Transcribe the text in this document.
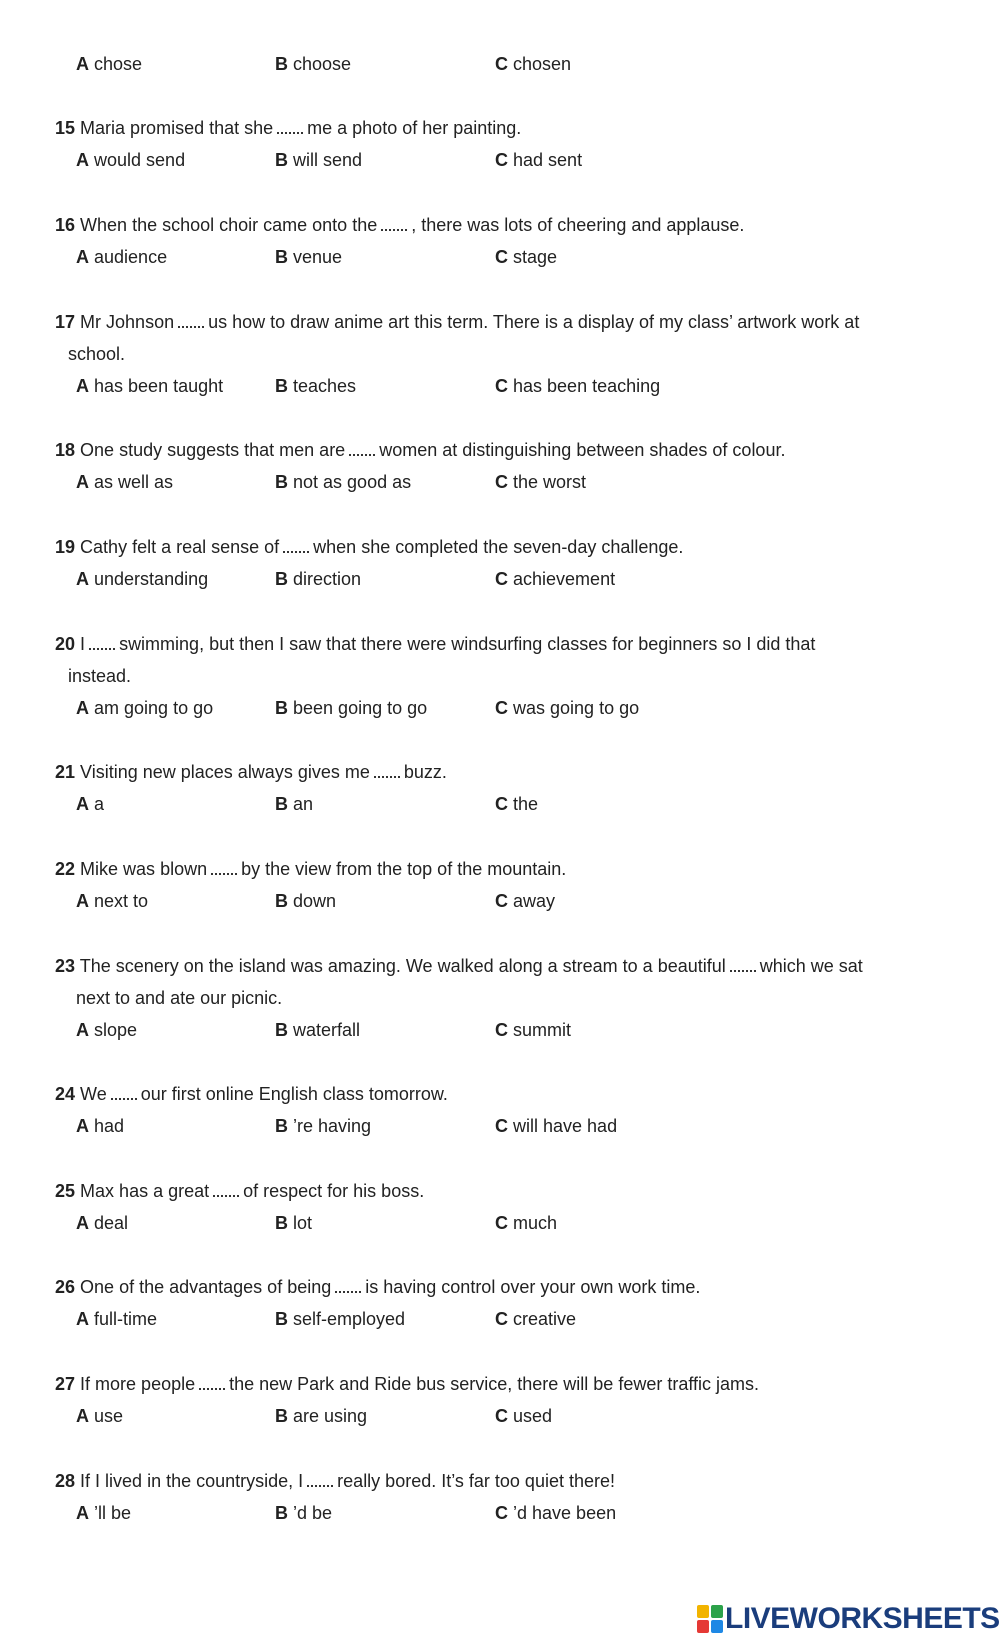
A chose	B choose	C chosen
15 Maria promised that she me a photo of her painting.
A would send	B will send	C had sent
16 When the school choir came onto the , there was lots of cheering and applause.
A audience	B venue	C stage
17 Mr Johnson us how to draw anime art this term. There is a display of my class’ artwork work at
school.
A has been taught	B teaches	C has been teaching
18 One study suggests that men are women at distinguishing between shades of colour.
A as well as	B not as good as	C the worst
19 Cathy felt a real sense of when she completed the seven-day challenge.
A understanding	B direction	C achievement
20 I swimming, but then I saw that there were windsurfing classes for beginners so I did that
instead.
A am going to go	B been going to go	C was going to go
21 Visiting new places always gives me buzz.
A a	B an	C the
22 Mike was blown by the view from the top of the mountain.
A next to	B down	C away
23 The scenery on the island was amazing. We walked along a stream to a beautiful which we sat
next to and ate our picnic.
A slope	B waterfall	C summit
24 We our first online English class tomorrow.
A had	B ’re having	C will have had
25 Max has a great of respect for his boss.
A deal	B lot	C much
26 One of the advantages of being is having control over your own work time.
A full-time	B self-employed	C creative
27 If more people the new Park and Ride bus service, there will be fewer traffic jams.
A use	B are using	C used
28 If I lived in the countryside, I really bored. It’s far too quiet there!
A ’ll be	B ’d be	C ’d have been
LIVEWORKSHEETS
